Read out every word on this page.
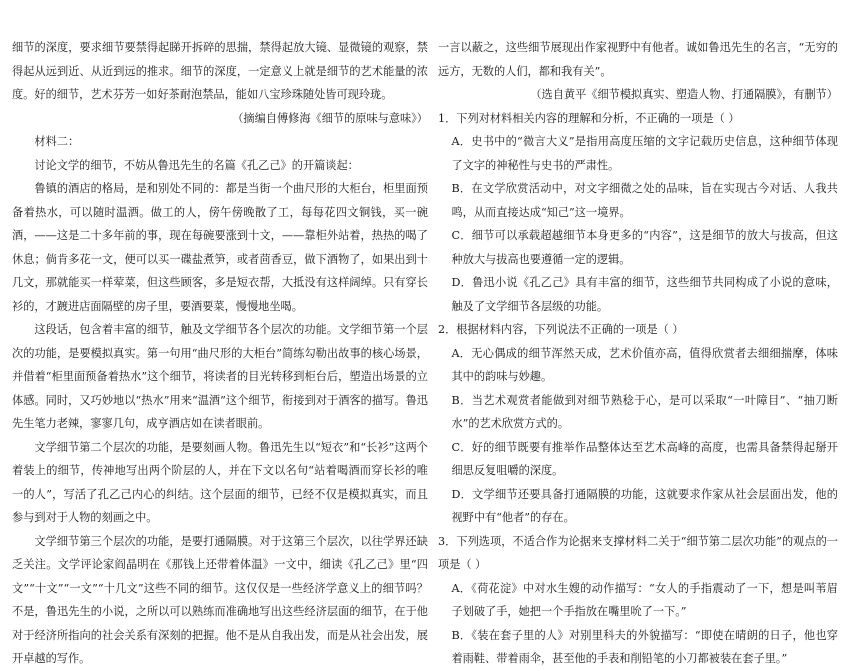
细节的深度，要求细节要禁得起睇开拆碎的思揣，禁得起放大镜、显微镜的观察，禁得起从远到近、从近到远的推求。细节的深度，一定意义上就是细节的艺术能量的浓度。好的细节，艺术芬芳一如好茶耐泡禁品，能如八宝珍珠随处皆可现玲珑。

（摘编自傅修海《细节的原味与意味》）

材料二：

讨论文学的细节，不妨从鲁迅先生的名篇《孔乙己》的开篇谈起：

鲁镇的酒店的格局，是和别处不同的：都是当街一个曲尺形的大柜台，柜里面预备着热水，可以随时温酒。做工的人，傍午傍晚散了工，每每花四文铜钱，买一碗酒，——这是二十多年前的事，现在每碗要涨到十文，——靠柜外站着，热热的喝了休息；倘肯多花一文，便可以买一碟盐煮笋，或者茴香豆，做下酒物了，如果出到十几文，那就能买一样荤菜，但这些顾客，多是短衣帮，大抵没有这样阔绰。只有穿长衫的，才踱进店面隔壁的房子里，要酒要菜，慢慢地坐喝。

这段话，包含着丰富的细节，触及文学细节各个层次的功能。文学细节第一个层次的功能，是要模拟真实。第一句用“曲尺形的大柜台”简练勾勒出故事的核心场景，并借着“柜里面预备着热水”这个细节，将读者的目光转移到柜台后，塑造出场景的立体感。同时，又巧妙地以“热水”用来“温酒”这个细节，衔接到对于酒客的描写。鲁迅先生笔力老辣，寥寥几句，成亨酒店如在读者眼前。

文学细节第二个层次的功能，是要刻画人物。鲁迅先生以“短衣”和“长衫”这两个着装上的细节，传神地写出两个阶层的人，并在下文以名句“站着喝酒而穿长衫的唯一的人”，写活了孔乙己内心的纠结。这个层面的细节，已经不仅是模拟真实，而且参与到对于人物的刻画之中。

文学细节第三个层次的功能，是要打通隔膜。对于这第三个层次，以往学界还缺乏关注。文学评论家阎晶明在《那钱上还带着体温》一文中，细读《孔乙己》里“四文”“十文”“一文”“十几文”这些不同的细节。这仅仅是一些经济学意义上的细节吗？不是，鲁迅先生的小说，之所以可以熟练而准确地写出这些经济层面的细节，在于他对于经济所指向的社会关系有深刻的把握。他不是从自我出发，而是从社会出发，展开卓越的写作。

一言以蔽之，这些细节展现出作家视野中有他者。诚如鲁迅先生的名言，“无穷的远方，无数的人们，都和我有关”。

（选自黄平《细节模拟真实、塑造人物、打通隔膜》，有删节）

1．下列对材料相关内容的理解和分析，不正确的一项是（ ）

A．史书中的“微言大义”是指用高度压缩的文字记载历史信息，这种细节体现了文字的神秘性与史书的严肃性。

B．在文学欣赏活动中，对文字细微之处的品味，旨在实现古今对话、人我共鸣，从而直接达成“知己”这一境界。

C．细节可以承载超越细节本身更多的“内容”，这是细节的放大与拔高，但这种放大与拔高也要遵循一定的逻辑。

D．鲁迅小说《孔乙己》具有丰富的细节，这些细节共同构成了小说的意味，触及了文学细节各层级的功能。

2．根据材料内容，下列说法不正确的一项是（ ）

A．无心偶成的细节浑然天成，艺术价值亦高，值得欣赏者去细细揣摩，体味其中的韵味与妙趣。

B．当艺术观赏者能做到对细节熟稔于心，是可以采取“一叶障目”、“抽刀断水”的艺术欣赏方式的。

C．好的细节既要有推举作品整体达至艺术高峰的高度，也需具备禁得起掰开细思反复咀嚼的深度。

D．文学细节还要具备打通隔膜的功能，这就要求作家从社会层面出发，他的视野中有“他者”的存在。

3．下列选项，不适合作为论据来支撑材料二关于“细节第二层次功能”的观点的一项是（ ）

A．《荷花淀》中对水生嫂的动作描写：“女人的手指震动了一下，想是叫苇眉子划破了手，她把一个手指放在嘴里吮了一下。”

B．《装在套子里的人》对别里科夫的外貌描写：“即使在晴朗的日子，他也穿着雨鞋、带着雨伞，甚至他的手表和削铅笔的小刀都被装在套子里。”
